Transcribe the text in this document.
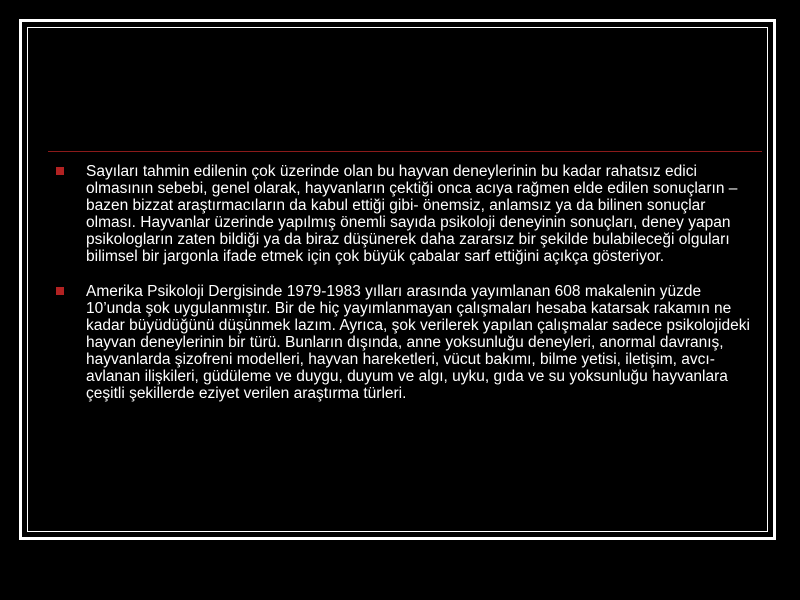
Sayıları tahmin edilenin çok üzerinde olan bu hayvan deneylerinin bu kadar rahatsız edici olmasının sebebi, genel olarak, hayvanların çektiği onca acıya rağmen elde edilen sonuçların –bazen bizzat araştırmacıların da kabul ettiği gibi- önemsiz, anlamsız ya da bilinen sonuçlar olması. Hayvanlar üzerinde yapılmış önemli sayıda psikoloji deneyinin sonuçları, deney yapan psikologların zaten bildiği ya da biraz düşünerek daha zararsız bir şekilde bulabileceği olguları bilimsel bir jargonla ifade etmek için çok büyük çabalar sarf ettiğini açıkça gösteriyor.
Amerika Psikoloji Dergisinde 1979-1983 yılları arasında yayımlanan 608 makalenin yüzde 10’unda şok uygulanmıştır. Bir de hiç yayımlanmayan çalışmaları hesaba katarsak rakamın ne kadar büyüdüğünü düşünmek lazım. Ayrıca, şok verilerek yapılan çalışmalar sadece psikolojideki hayvan deneylerinin bir türü. Bunların dışında, anne yoksunluğu deneyleri, anormal davranış, hayvanlarda şizofreni modelleri, hayvan hareketleri, vücut bakımı, bilme yetisi, iletişim, avcı-avlanan ilişkileri, güdüleme ve duygu, duyum ve algı, uyku, gıda ve su yoksunluğu hayvanlara çeşitli şekillerde eziyet verilen araştırma türleri.
